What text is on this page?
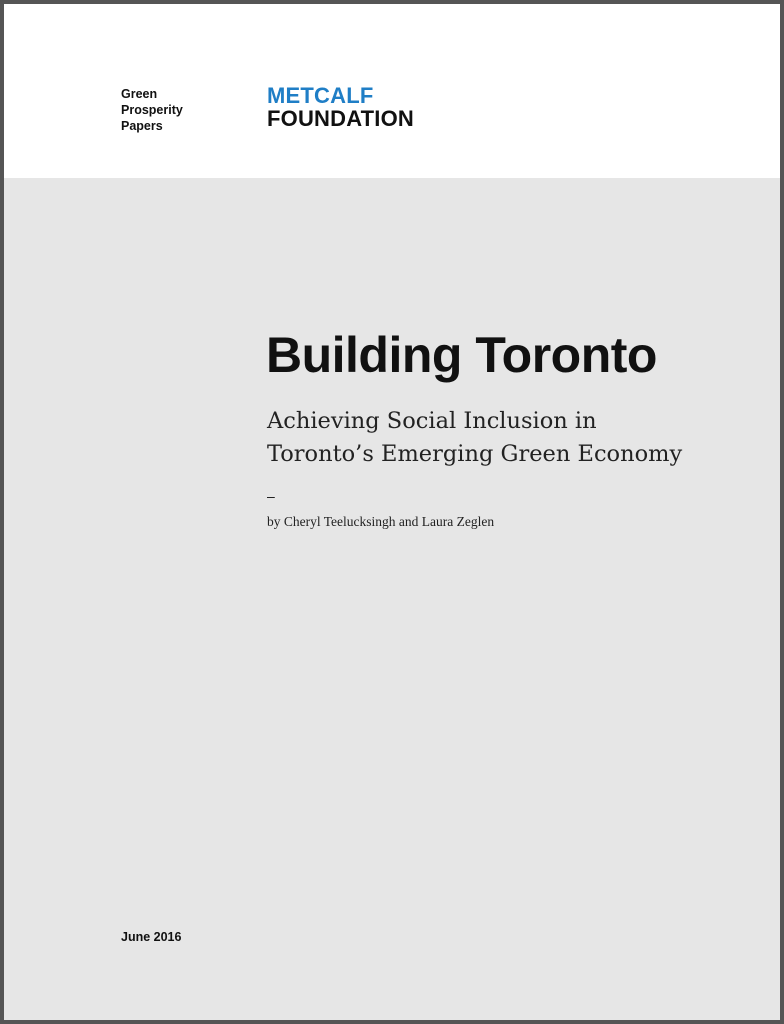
Green
Prosperity
Papers
METCALF
FOUNDATION
Building Toronto
Achieving Social Inclusion in
Toronto’s Emerging Green Economy
–
by Cheryl Teelucksingh and Laura Zeglen
June 2016
